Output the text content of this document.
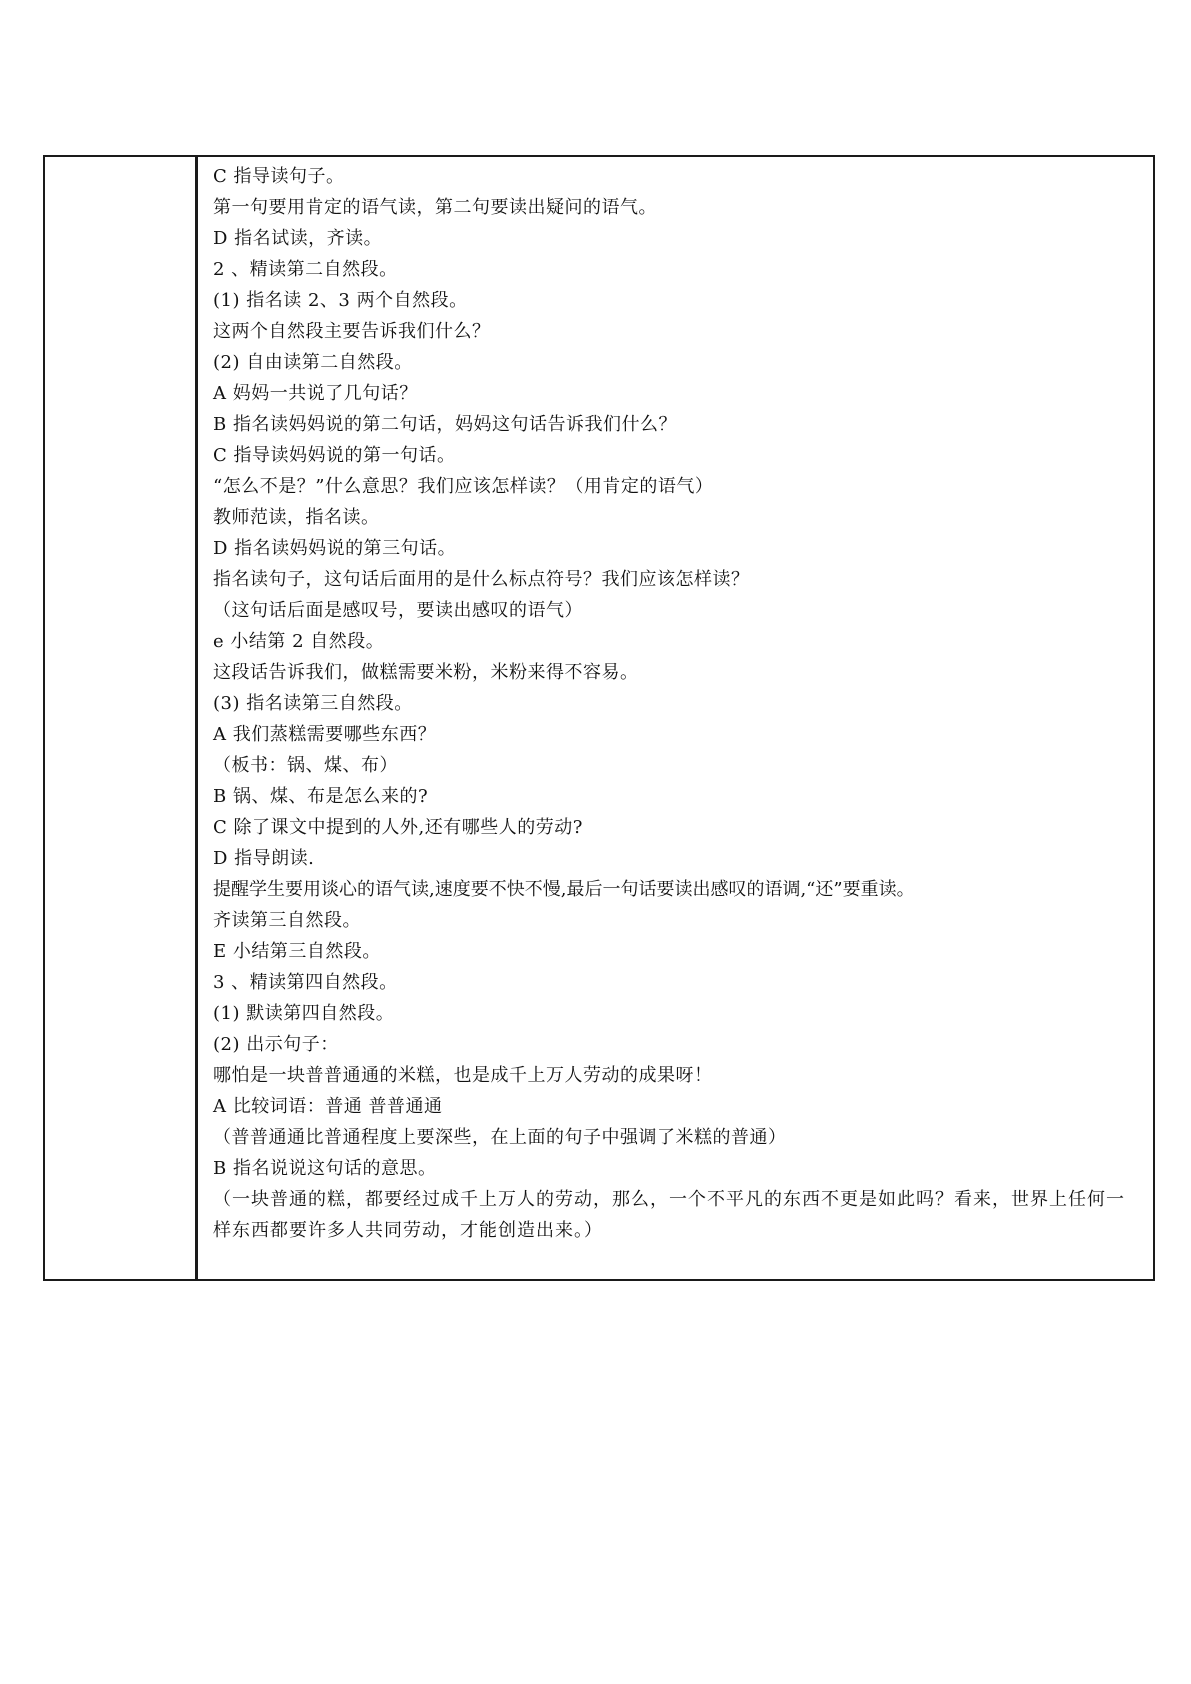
C 指导读句子。
第一句要用肯定的语气读，第二句要读出疑问的语气。
D 指名试读，齐读。
2 、精读第二自然段。
(1) 指名读 2、3 两个自然段。
这两个自然段主要告诉我们什么？
(2) 自由读第二自然段。
A 妈妈一共说了几句话？
B 指名读妈妈说的第二句话，妈妈这句话告诉我们什么？
C 指导读妈妈说的第一句话。
“怎么不是？”什么意思？我们应该怎样读？（用肯定的语气）
教师范读，指名读。
D 指名读妈妈说的第三句话。
指名读句子，这句话后面用的是什么标点符号？我们应该怎样读？
（这句话后面是感叹号，要读出感叹的语气）
e 小结第 2 自然段。
这段话告诉我们，做糕需要米粉，米粉来得不容易。
(3) 指名读第三自然段。
A 我们蒸糕需要哪些东西？
（板书：锅、煤、布）
B 锅、煤、布是怎么来的?
C 除了课文中提到的人外,还有哪些人的劳动?
D 指导朗读.
提醒学生要用谈心的语气读,速度要不快不慢,最后一句话要读出感叹的语调,“还”要重读。
齐读第三自然段。
E 小结第三自然段。
3 、精读第四自然段。
(1) 默读第四自然段。
(2) 出示句子：
哪怕是一块普普通通的米糕，也是成千上万人劳动的成果呀！
A 比较词语：普通 普普通通
（普普通通比普通程度上要深些，在上面的句子中强调了米糕的普通）
B 指名说说这句话的意思。
（一块普通的糕，都要经过成千上万人的劳动，那么，一个不平凡的东西不更是如此吗？看来，世界上任何一样东西都要许多人共同劳动，才能创造出来。）
